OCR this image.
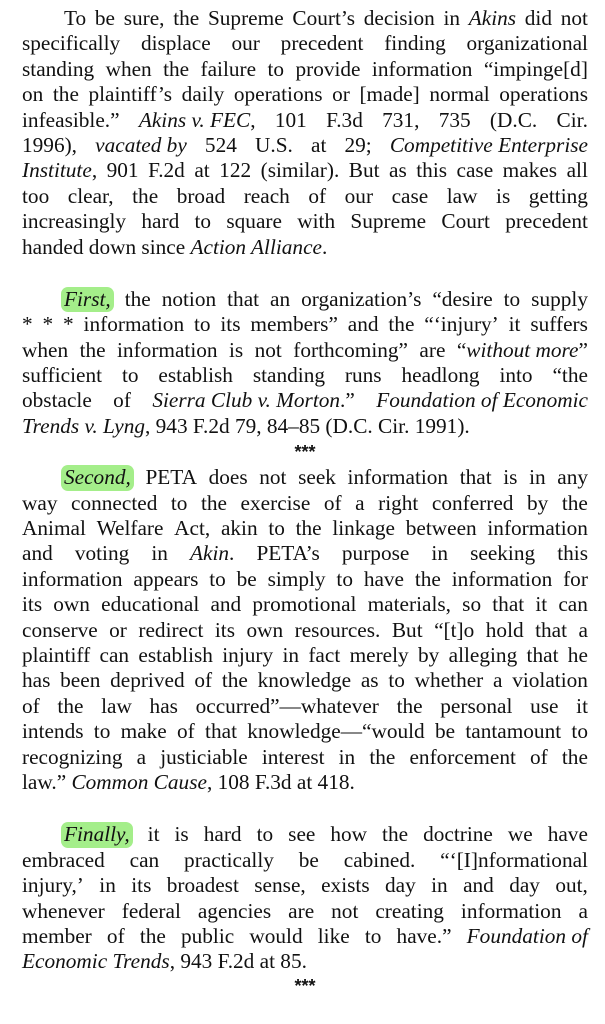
To be sure, the Supreme Court’s decision in Akins did not
specifically displace our precedent finding organizational
standing when the failure to provide information “impinge[d]
on the plaintiff’s daily operations or [made] normal operations
infeasible.” Akins v. FEC, 101 F.3d 731, 735 (D.C. Cir.
1996), vacated by 524 U.S. at 29; Competitive Enterprise
Institute, 901 F.2d at 122 (similar). But as this case makes all
too clear, the broad reach of our case law is getting
increasingly hard to square with Supreme Court precedent
handed down since Action Alliance.
First, the notion that an organization’s “desire to supply
* * * information to its members” and the “‘injury’ it suffers
when the information is not forthcoming” are “without more”
sufficient to establish standing runs headlong into “the
obstacle of Sierra Club v. Morton.” Foundation of Economic
Trends v. Lyng, 943 F.2d 79, 84–85 (D.C. Cir. 1991).
***
Second, PETA does not seek information that is in any
way connected to the exercise of a right conferred by the
Animal Welfare Act, akin to the linkage between information
and voting in Akin. PETA’s purpose in seeking this
information appears to be simply to have the information for
its own educational and promotional materials, so that it can
conserve or redirect its own resources. But “[t]o hold that a
plaintiff can establish injury in fact merely by alleging that he
has been deprived of the knowledge as to whether a violation
of the law has occurred”—whatever the personal use it
intends to make of that knowledge—“would be tantamount to
recognizing a justiciable interest in the enforcement of the
law.” Common Cause, 108 F.3d at 418.
Finally, it is hard to see how the doctrine we have
embraced can practically be cabined. “‘[I]nformational
injury,’ in its broadest sense, exists day in and day out,
whenever federal agencies are not creating information a
member of the public would like to have.” Foundation of
Economic Trends, 943 F.2d at 85.
***
